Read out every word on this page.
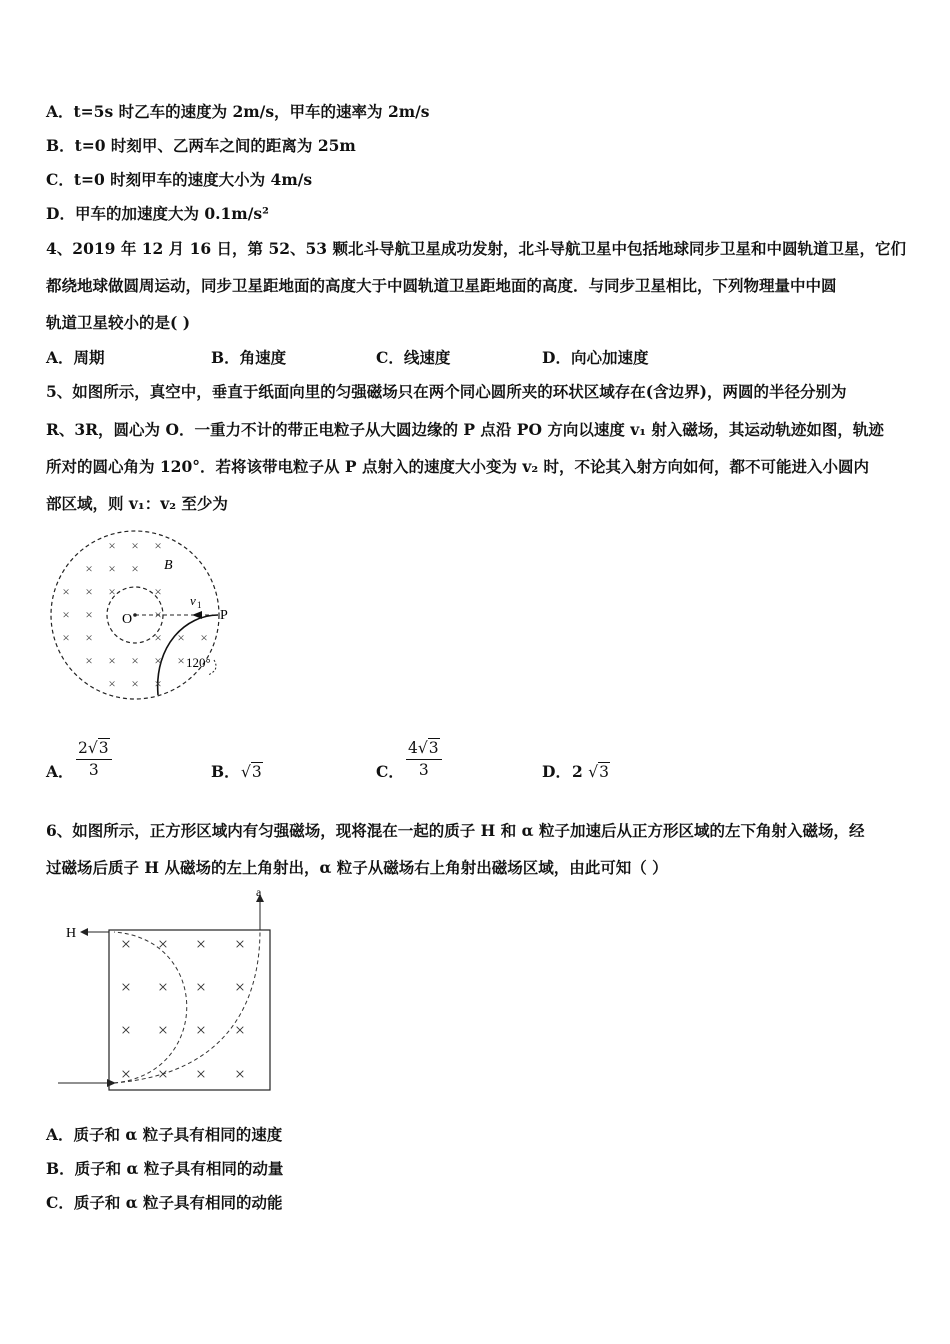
A．t=5s 时乙车的速度为 2m/s，甲车的速率为 2m/s
B．t=0 时刻甲、乙两车之间的距离为 25m
C．t=0 时刻甲车的速度大小为 4m/s
D．甲车的加速度大为 0.1m/s²
4、2019 年 12 月 16 日，第 52、53 颗北斗导航卫星成功发射，北斗导航卫星中包括地球同步卫星和中圆轨道卫星，它们
都绕地球做圆周运动，同步卫星距地面的高度大于中圆轨道卫星距地面的高度．与同步卫星相比，下列物理量中中圆
轨道卫星较小的是( )
A．周期	B．角速度	C．线速度	D．向心加速度
5、如图所示，真空中，垂直于纸面向里的匀强磁场只在两个同心圆所夹的环状区域存在(含边界)，两圆的半径分别为
R、3R，圆心为 O．一重力不计的带正电粒子从大圆边缘的 P 点沿 PO 方向以速度 v₁ 射入磁场，其运动轨迹如图，轨迹
所对的圆心角为 120°．若将该带电粒子从 P 点射入的速度大小变为 v₂ 时，不论其入射方向如何，都不可能进入小圆内
部区域，则 v₁：v₂ 至少为
× × ×
× × ×
× × ×	×
× ×	×
× ×	× × ×
× × × × ×
× × ×
B
v 1
P
O
120°
A． $\frac{2√3}{3}$	B． √3	C． $\frac{4√3}{3}$	D． 2 √3
6、如图所示，正方形区域内有匀强磁场，现将混在一起的质子 H 和 α 粒子加速后从正方形区域的左下角射入磁场，经
过磁场后质子 H 从磁场的左上角射出，α 粒子从磁场右上角射出磁场区域，由此可知（ ）
×
×
×
×
×
×
×
×
×
×
×
×
×
×
×
×
H
a
A．质子和 α 粒子具有相同的速度
B．质子和 α 粒子具有相同的动量
C．质子和 α 粒子具有相同的动能
